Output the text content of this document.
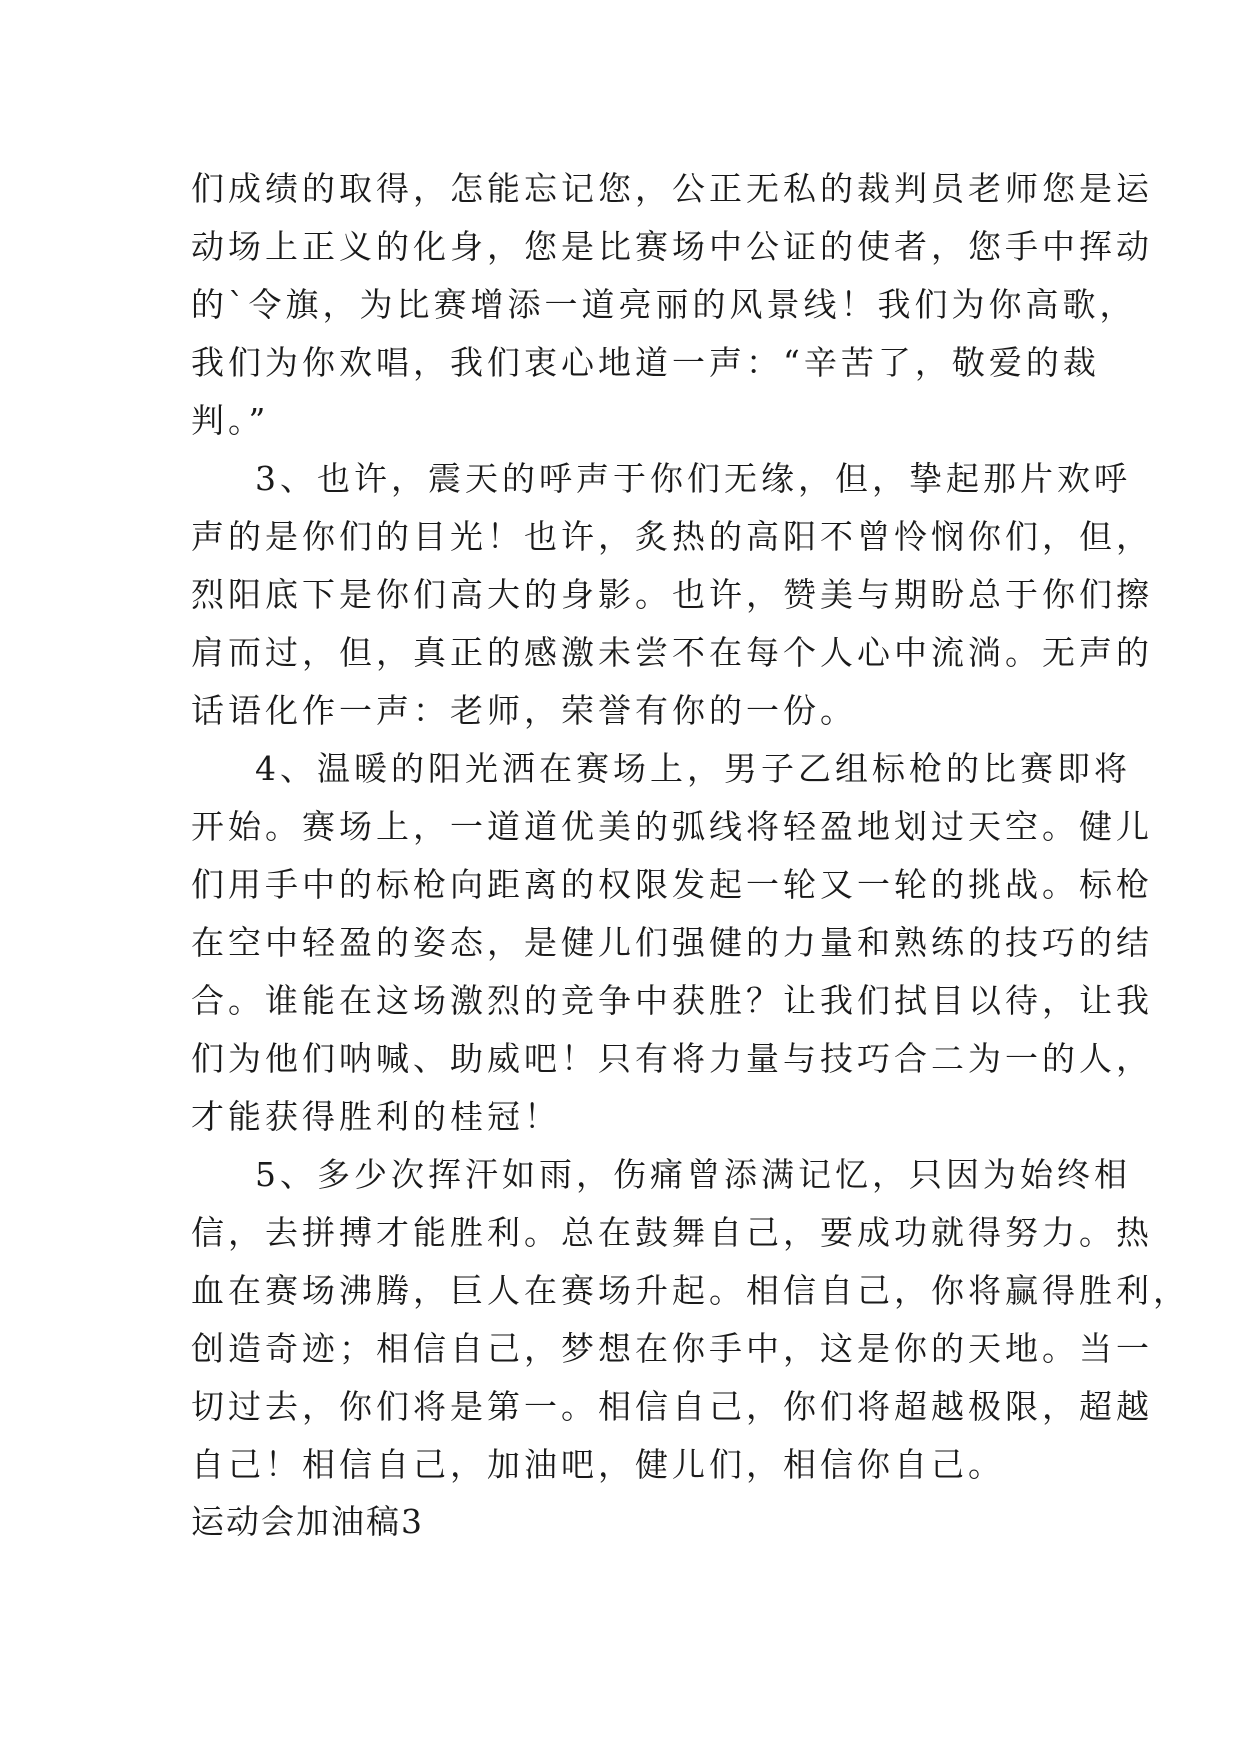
们成绩的取得，怎能忘记您，公正无私的裁判员老师您是运
动场上正义的化身，您是比赛场中公证的使者，您手中挥动
的`令旗，为比赛增添一道亮丽的风景线！我们为你高歌，
我们为你欢唱，我们衷心地道一声：“辛苦了，敬爱的裁
判。”
3、也许，震天的呼声于你们无缘，但，挚起那片欢呼
声的是你们的目光！也许，炙热的高阳不曾怜悯你们，但，
烈阳底下是你们高大的身影。也许，赞美与期盼总于你们擦
肩而过，但，真正的感激未尝不在每个人心中流淌。无声的
话语化作一声：老师，荣誉有你的一份。
4、温暖的阳光洒在赛场上，男子乙组标枪的比赛即将
开始。赛场上，一道道优美的弧线将轻盈地划过天空。健儿
们用手中的标枪向距离的权限发起一轮又一轮的挑战。标枪
在空中轻盈的姿态，是健儿们强健的力量和熟练的技巧的结
合。谁能在这场激烈的竞争中获胜？让我们拭目以待，让我
们为他们呐喊、助威吧！只有将力量与技巧合二为一的人，
才能获得胜利的桂冠！
5、多少次挥汗如雨，伤痛曾添满记忆，只因为始终相
信，去拼搏才能胜利。总在鼓舞自己，要成功就得努力。热
血在赛场沸腾，巨人在赛场升起。相信自己，你将赢得胜利，
创造奇迹；相信自己，梦想在你手中，这是你的天地。当一
切过去，你们将是第一。相信自己，你们将超越极限，超越
自己！相信自己，加油吧，健儿们，相信你自己。
运动会加油稿3
